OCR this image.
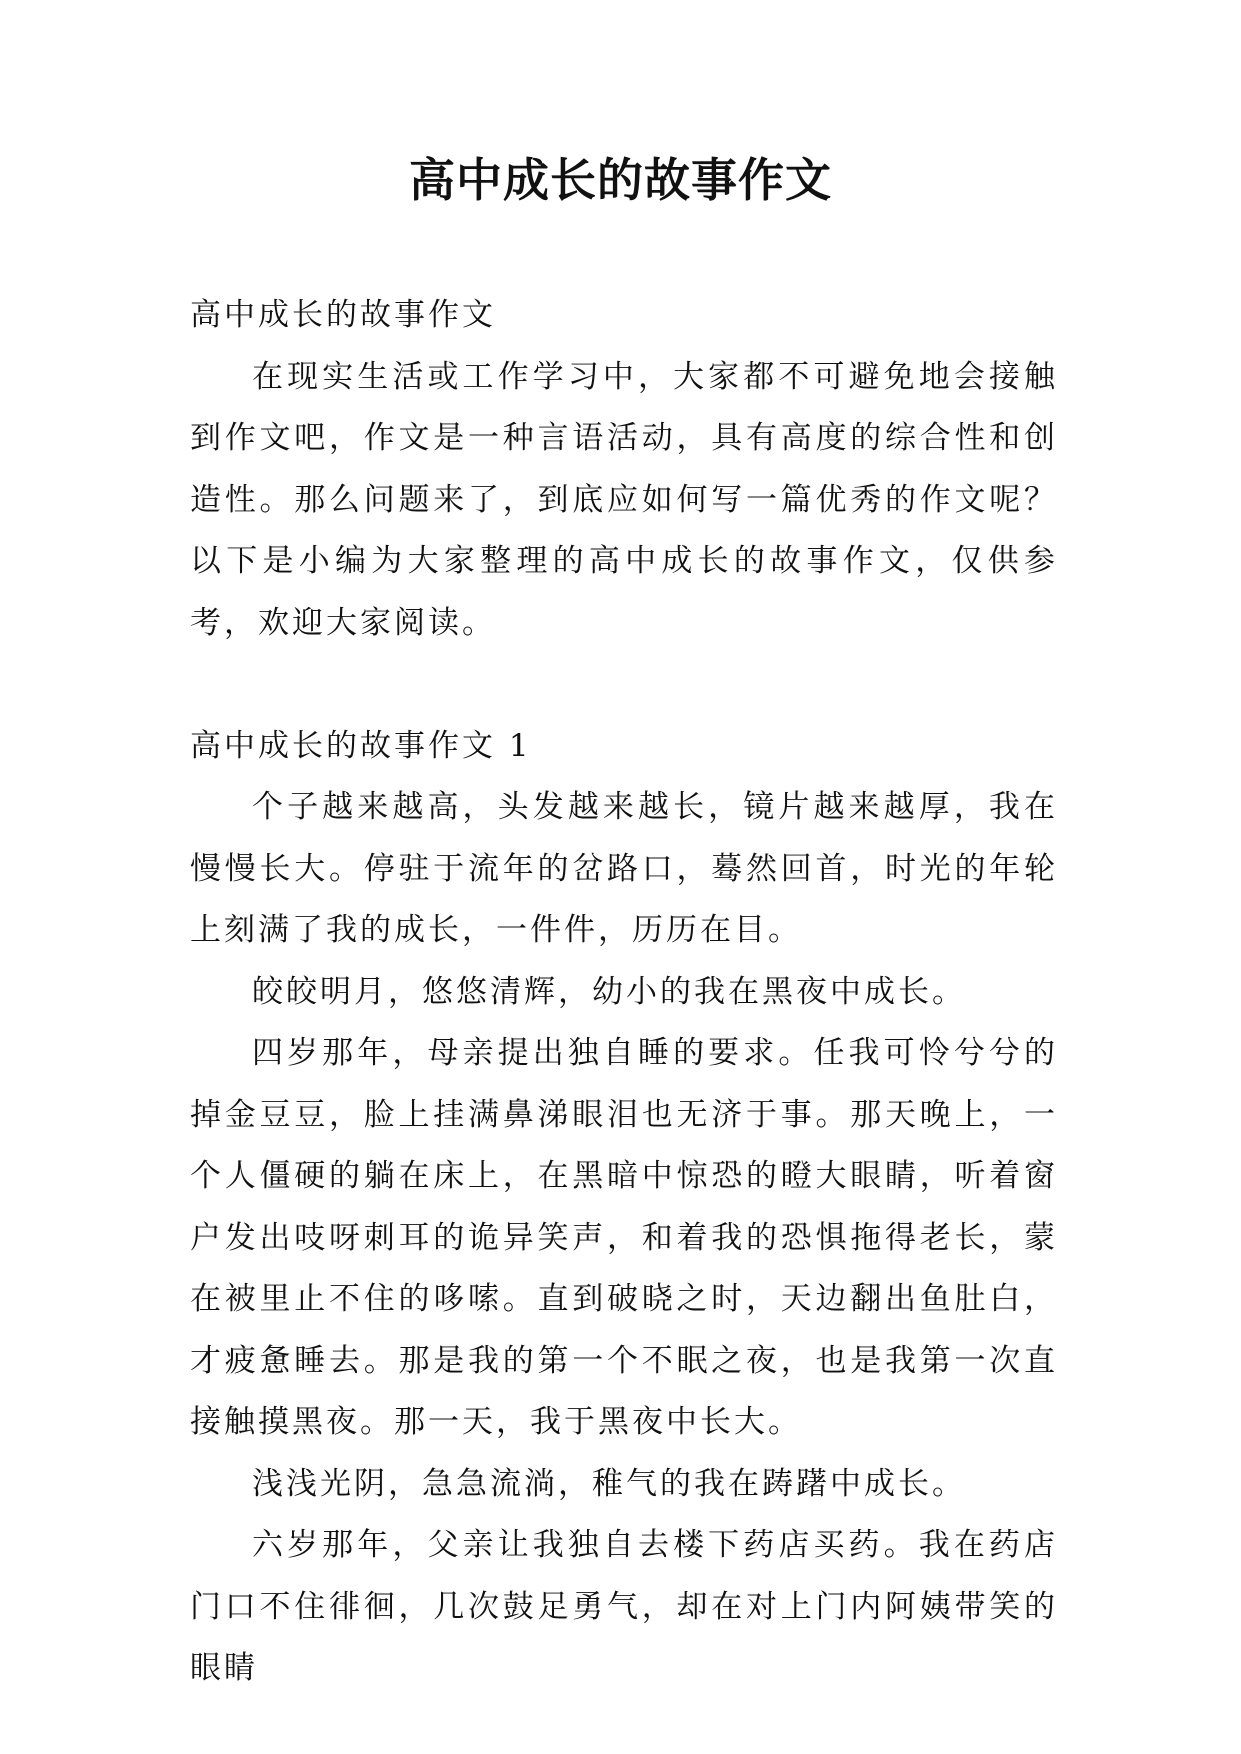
高中成长的故事作文

高中成长的故事作文

在现实生活或工作学习中，大家都不可避免地会接触到作文吧，作文是一种言语活动，具有高度的综合性和创造性。那么问题来了，到底应如何写一篇优秀的作文呢？以下是小编为大家整理的高中成长的故事作文，仅供参考，欢迎大家阅读。

高中成长的故事作文 1

个子越来越高，头发越来越长，镜片越来越厚，我在慢慢长大。停驻于流年的岔路口，蓦然回首，时光的年轮上刻满了我的成长，一件件，历历在目。

皎皎明月，悠悠清辉，幼小的我在黑夜中成长。

四岁那年，母亲提出独自睡的要求。任我可怜兮兮的掉金豆豆，脸上挂满鼻涕眼泪也无济于事。那天晚上，一个人僵硬的躺在床上，在黑暗中惊恐的瞪大眼睛，听着窗户发出吱呀刺耳的诡异笑声，和着我的恐惧拖得老长，蒙在被里止不住的哆嗦。直到破晓之时，天边翻出鱼肚白，才疲惫睡去。那是我的第一个不眠之夜，也是我第一次直接触摸黑夜。那一天，我于黑夜中长大。

浅浅光阴，急急流淌，稚气的我在踌躇中成长。

六岁那年，父亲让我独自去楼下药店买药。我在药店门口不住徘徊，几次鼓足勇气，却在对上门内阿姨带笑的眼睛
